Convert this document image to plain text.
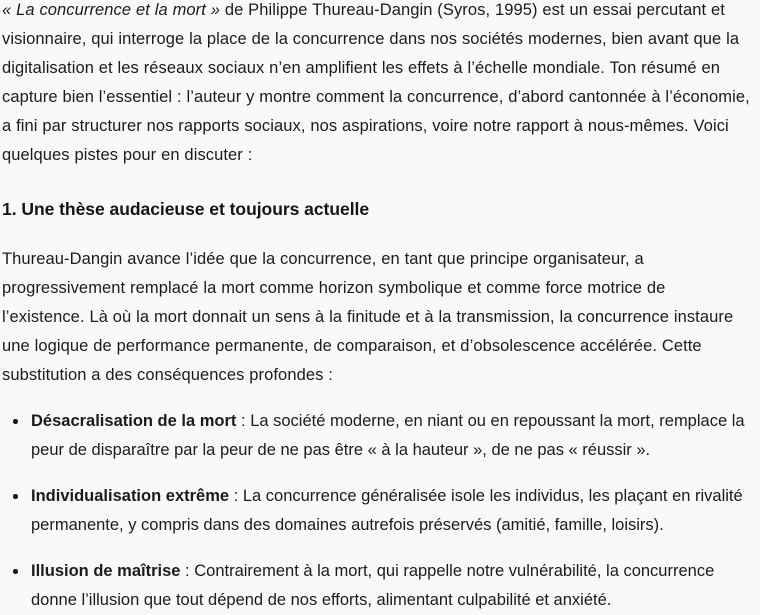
« La concurrence et la mort » de Philippe Thureau-Dangin (Syros, 1995) est un essai percutant et visionnaire, qui interroge la place de la concurrence dans nos sociétés modernes, bien avant que la digitalisation et les réseaux sociaux n’en amplifient les effets à l’échelle mondiale. Ton résumé en capture bien l’essentiel : l’auteur y montre comment la concurrence, d’abord cantonnée à l’économie, a fini par structurer nos rapports sociaux, nos aspirations, voire notre rapport à nous-mêmes. Voici quelques pistes pour en discuter :

1. Une thèse audacieuse et toujours actuelle

Thureau-Dangin avance l’idée que la concurrence, en tant que principe organisateur, a progressivement remplacé la mort comme horizon symbolique et comme force motrice de l’existence. Là où la mort donnait un sens à la finitude et à la transmission, la concurrence instaure une logique de performance permanente, de comparaison, et d’obsolescence accélérée. Cette substitution a des conséquences profondes :

Désacralisation de la mort : La société moderne, en niant ou en repoussant la mort, remplace la peur de disparaître par la peur de ne pas être « à la hauteur », de ne pas « réussir ».
Individualisation extrême : La concurrence généralisée isole les individus, les plaçant en rivalité permanente, y compris dans des domaines autrefois préservés (amitié, famille, loisirs).
Illusion de maîtrise : Contrairement à la mort, qui rappelle notre vulnérabilité, la concurrence donne l’illusion que tout dépend de nos efforts, alimentant culpabilité et anxiété.
